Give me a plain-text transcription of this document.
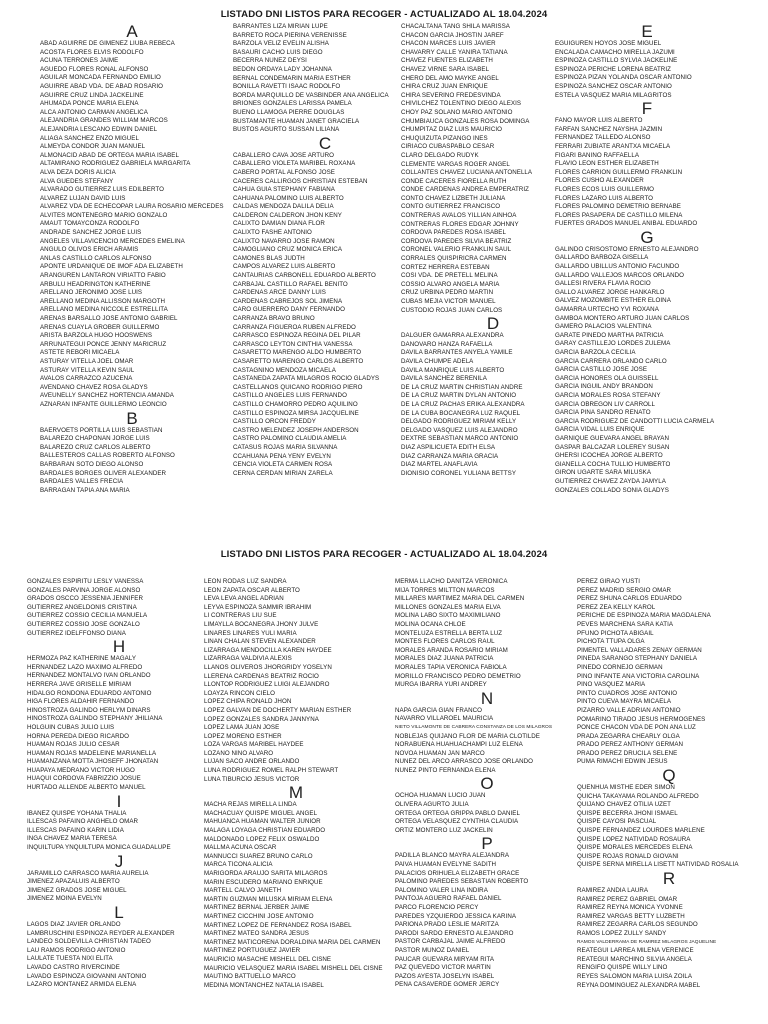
LISTADO DNI LISTOS PARA RECOGER - ACTUALIZADO AL 18.04.2024
A
ABAD AGUIRRE DE GIMENEZ LIUBA REBECA
ACOSTA FLORES ELVIS RODOLFO
ACUÑA TERRONES JAIME
AGUEDO FLORES RONAL ALFONSO
AGUILAR MONCADA FERNANDO EMILIO
AGUIRRE ABAD VDA. DE ABAD ROSARIO
AGUIRRE CRUZ LINDA JACKELINE
AHUMADA PONCE MARIA ELENA
ALCA ANTONIO CARMAN ANGELICA
ALEJANDRIA GRANDES WILLIAM MARCOS
ALEJANDRIA LESCANO EDWIN DANIEL
ALIAGA SANCHEZ ENZO MIGUEL
ALMEYDA CONDOR JUAN MANUEL
ALMONACID ABAD DE ORTEGA MARIA ISABEL
ALTAMIRANO RODRIGUEZ GABRIELA MARGARITA
ALVA DEZA DORIS ALICIA
ALVA GUEDES STEFANY
ALVARADO GUTIERREZ LUIS EDILBERTO
ALVAREZ LUJAN DAVID LUIS
ALVAREZ VDA DE ECHECOPAR LAURA ROSARIO MERCEDES
ALVITES MONTENEGRO MARIO GONZALO
AMAUT TOMAYCONZA RODOLFO
ANDRADE SANCHEZ JORGE LUIS
ANGELES VILLAVICENCIO MERCEDES EMELINA
ANGULO OLIVOS ERICH ARAMIS
ANLAS CASTILLO CARLOS ALFONSO
APONTE URDANIQUE DE IMOF ADA ELIZABETH
ARANGUREN LANTARON VIRIATTO FABIO
ARBULU HEADRINGTON KATHERINE
ARELLANO JERONIMO JOSE LUIS
ARELLANO MEDINA ALLISSON MARGOTH
ARELLANO MEDINA NICCOLE ESTRELLITA
ARENAS BARSALLO JOSE ANTONIO GABRIEL
ARENAS CUAYLA GROBER GUILLERMO
ARISTA BARZOLA HUGO HOOSWENS
ARRUNATEGUI PONCE JENNY MARICRUZ
ASTETE REBORI MICAELA
ASTURAY VITELLA JOEL OMAR
ASTURAY VITELLA KEVIN SAUL
AVALOS CARRAZCO AZUCENA
AVENDAÑO CHAVEZ ROSA GLADYS
AVEUNELLY SANCHEZ HORTENCIA AMANDA
AZNARAN INFANTE GUILLERMO LEONCIO
B
BAERVOETS PORTILLA LUIS SEBASTIAN
BALAREZO CHAPOÑAN JORGE LUIS
BALAREZO CRUZ CARLOS ALBERTO
BALLESTEROS CALLAS ROBERTO ALFONSO
BARBARAN SOTO DIEGO ALONSO
BARDALES BORGES OLIVER ALEXANDER
BARDALES VALLES FRECIA
BARRAGAN TAPIA ANA MARIA
BARRANTES LIZA MIRIAN LUPE
BARRETO ROCA PIERINA VERENISSE
BARZOLA VELIZ EVELIN ALISHA
BASAURI CACHO LUIS DIEGO
BECERRA NUÑEZ DEYSI
BEDON ORDAYA LADY JOHANNA
BERNAL CONDEMARIN MARIA ESTHER
BONILLA RAVETTI ISAAC RODOLFO
BORDA MARQUILLO DE VASBINDER ANA ANGELICA
BRIONES GONZALES LARISSA PAMELA
BUENO LLAMOGA PIERRE DOUGLAS
BUSTAMANTE HUAMAN JANET GRACIELA
BUSTOS AGURTO SUSSAN LILIANA
C
CABALLERO CAVA JOSE ARTURO
CABALLERO VIOLETA MARIBEL ROXANA
CABERO PORTAL ALFONSO JOSE
CACERES CALLIRGOS CHRISTIAN ESTEBAN
CAHUA GUIA STEPHANY FABIANA
CAHUANA PALOMINO LUIS ALBERTO
CALDAS MENDOZA DALILA DELIA
CALDERON CALDERON JHON KENY
CALIXTO DAMIAN DIANA FLOR
CALIXTO FASHE ANTONIO
CALIXTO NAVARRO JOSE RAMON
CAMOGLIANO CRUZ MONICA ERICA
CAMONES BLAS JUDTH
CAMPOS ALVAREZ LUIS ALBERTO
CANTAURIAS CARBONELL EDUARDO ALBERTO
CARBAJAL CASTILLO RAFAEL BENITO
CARDENAS ARCE DANNY LUIS
CARDENAS CABREJOS SOL JIMENA
CARO GUERRERO DANY FERNANDO
CARRANZA BRAVO BRUNO
CARRANZA FIGUEROA RUBEN ALFREDO
CARRASCO ESPINOZA REGINA DEL PILAR
CARRASCO LEYTON CINTHIA VANESSA
CASARETTO MARENGO ALDO HUMBERTO
CASARETTO MARENGO CARLOS ALBERTO
CASTAGNINO MENDOZA MICAELA
CASTAÑEDA ZAPATA MILAGROS ROCIO GLADYS
CASTELLANOS QUICAÑO RODRIGO PIERO
CASTILLO ANGELES LUIS FERNANDO
CASTILLO CHAMORRO PEDRO AQUILINO
CASTILLO ESPINOZA MIRSA JACQUELINE
CASTILLO ORCON FREDDY
CASTRO MELENDEZ JOSEPH ANDERSON
CASTRO PALOMINO CLAUDIA AMELIA
CATASUS ROJAS MARIA SILVANNA
CCAHUANA PEÑA YENY EVELYN
CENCIA VIOLETA CARMEN ROSA
CERNA CERDAN MIRIAN ZARELA
CHACALTANA TANG SHILA MARISSA
CHACON GARCIA JHOSTIN JAREF
CHACON MARCES LUIS JAVIER
CHAVARRY CALLE YANIRA TATIANA
CHAVEZ FUENTES ELIZABETH
CHAVEZ VIRNE SARA ISABEL
CHERO DEL AMO MAYKE ANGEL
CHIRA CRUZ JUAN ENRIQUE
CHIRA SEVERINO FREDESVINDA
CHIVILCHEZ TOLENTINO DIEGO ALEXIS
CHOY PAZ SOLANO MARIO ANTONIO
CHUMBIAUCA GONZALES ROSA DOMINGA
CHUMPITAZ DIAZ LUIS MAURICIO
CHUQUIZUTA PIZANGO INES
CIRIACO CUBASPABLO CESAR
CLARO DELGADO RUDYK
CLEMENTE VARGAS ROGER ANGEL
COLLANTES CHAVEZ LUCIANA ANTONELLA
CONDE CACERES FIORELLA RUTH
CONDE CARDENAS ANDREA EMPERATRIZ
CONTO CHAVEZ LIZBETH JULIANA
CONTO GUTIERREZ FRANCISCO
CONTRERAS AVALOS YILLIAN AINHOA
CONTRERAS FLORES EDGAR JOHNNY
CORDOVA PAREDES ROSA ISABEL
CORDOVA PAREDES SILVIA BEATRIZ
CORONEL VALERIO FRANKLIN SAUL
CORRALES QUISPIRICRA CARMEN
CORTEZ HERRERA ESTEBAN
COSI VDA. DE PRETELL MELINA
COSSIO ALVARO ANGELA MARIA
CRUZ URBINA PEDRO MARTIN
CUBAS MEJIA VICTOR MANUEL
CUSTODIO ROJAS JUAN CARLOS
D
DALGUER GAMARRA ALEXANDRA
DANOVARO HANZA RAFAELLA
DAVILA BARRANTES ANYELA YAMILE
DAVILA CHUMPE ADELA
DAVILA MANRIQUE LUIS ALBERTO
DAVILA SANCHEZ BERENILA
DE LA CRUZ MARTIN CHRISTIAN ANDRE
DE LA CRUZ MARTIN DYLAN ANTONIO
DE LA CRUZ PACHAS ERIKA ALEXANDRA
DE LA CUBA BOCANEGRA LUZ RAQUEL
DELGADO RODRIGUEZ MIRIAM KELLY
DELGADO VASQUEZ LUIS ALEJANDRO
DEXTRE SEBASTIAN MARCO ANTONIO
DIAZ ASPILICUETA EDITH ELSA
DIAZ CARRANZA MARIA GRACIA
DIAZ MARTEL ANAFLAVIA
DIONISIO CORONEL YULIANA BETTSY
E
EGUIGUREN HOYOS JOSE MIGUEL
ENCALADA CAMACHO MIRELLA JAZUMI
ESPINOZA CASTILLO SYLVIA JACKELINE
ESPINOZA PERICHE LORENA BEATRIZ
ESPINOZA PIZAN YOLANDA OSCAR ANTONIO
ESPINOZA SANCHEZ OSCAR ANTONIO
ESTELA VASQUEZ MARIA MILAGRITOS
F
FANO MAYOR LUIS ALBERTO
FARFAN SANCHEZ NAYSHA JAZMIN
FERNANDEZ TALLEDO ALONSO
FERRARI ZUBIATE ARANTXA MICAELA
FIGARI BANINO RAFFAELLA
FLAVIO LEON ESTHER ELIZABETH
FLORES CARRION GUILLERMO FRANKLIN
FLORES CUSHO ALEXANDER
FLORES ECOS LUIS GUILLERMO
FLORES LAZARO LUIS ALBERTO
FLORES PALOMINO DEMETRIO BERNABE
FLORES PASAPERA DE CASTILLO MILENA
FUERTES GRADOS MANUEL ANIBAL EDUARDO
G
GALINDO CRISOSTOMO ERNESTO ALEJANDRO
GALLARDO BARBOZA GISELLA
GALLARDO UBILLUS ANTONIO FACUNDO
GALLARDO VALLEJOS MARCOS ORLANDO
GALLESI RIVERA FLAVIA ROCIO
GALLO ALVAREZ JORGE HANKARLO
GALVEZ MOZOMBITE ESTHER ELOINA
GAMARRA URTECHO YVI ROXANA
GAMBOA MONTERO ARTURO JUAN CARLOS
GAMERO PALACIOS VALENTINA
GARATE PINEDO MARTHA PATRICIA
GARAY CASTILLEJO LORDES ZULEMA
GARCIA BARZOLA CECILIA
GARCIA CARRERA ORLANDO CARLO
GARCIA CASTILLO JOSE JOSE
GARCIA HONORES OLA GUISSELL
GARCIA INGUIL ANDY BRANDON
GARCIA MORALES ROSA STEFANY
GARCIA OBREGON LIV CARROLL
GARCIA PIÑA SANDRO RENATO
GARCIA RODRIGUEZ DE CANDOTTI LUCIA CARMELA
GARCIA VIDAL LUIS ENRIQUE
GARNIQUE GUEVARA ANGEL BRAYAN
GASPAR BALCAZAR LOLEREY SUSAN
GHERSI ICOCHEA JORGE ALBERTO
GIANELLA COCHA TULLIO HUMBERTO
GIRON UGARTE SARA MILUSKA
GUTIERREZ CHAVEZ ZAYDA JAMYLA
GONZALES COLLADO SONIA GLADYS
LISTADO DNI LISTOS PARA RECOGER - ACTUALIZADO AL 18.04.2024
GONZALES ESPIRITU LESLY VANESSA
GONZALES PARVINA JORGE ALONSO
GRADOS OSCCO JESSENIA JENNIFER
GUTIERREZ ANGELDONIS CRISTINA
GUTIERREZ COSSIO CECILIA MANUELA
GUTIERREZ COSSIO JOSE GONZALO
GUTIERREZ IDELFFONSO DIANA
H
HERMOZA PAZ KATHERINE MAGALY
HERNANDEZ LAZO MAXIMO ALFREDO
HERNANDEZ MONTALVO IVAN ORLANDO
HERRERA JAVE GRISELLE MIRIAM
HIDALGO RONDONA EDUARDO ANTONIO
HIGA FLORES ALDAHIR FERNANDO
HINOSTROZA GALINDO HERLYM DINARS
HINOSTROZA GALINDO STEPHANY JHILIANA
HOLGUIN CUBAS JULIO LUIS
HORNA PEREDA DIEGO RICARDO
HUAMAN ROJAS JULIO CESAR
HUAMAN ROJAS MADELEINE MARIANELLA
HUAMANZANA MOTTA JHOSEFF JHONATAN
HUAPAYA MEDRANO VICTOR HUGO
HUAQUI CORDOVA FABRIZZIO JOSUE
HURTADO ALLENDE ALBERTO MANUEL
I
IBAÑEZ QUISPE YOHANA THALIA
ILLESCAS PAFAINO ANGHELO OMAR
ILLESCAS PAFAINO KARIN LIDIA
INGA CHAVEZ MARIA TERESA
INQUILTUPA YNQUILTUPA MONICA GUADALUPE
J
JARAMILLO CARRASCO MARIA AURELIA
JIMENEZ APAZALUIS ALBERTO
JIMENEZ GRADOS JOSE MIGUEL
JIMENEZ MOINA EVELYN
L
LAGOS DIAZ JAVIER ORLANDO
LAMBRUSCHINI ESPINOZA REYDER ALEXANDER
LANDEO SOLDEVILLA CHRISTIAN TADEO
LAU RAMOS RODRIGO ANTONIO
LAULATE TUESTA NIXI ELITA
LAVADO CASTRO RIVERCINDE
LAVADO ESPINOZA GIOVANNI ANTONIO
LAZARO MONTAÑEZ ARMIDA ELENA
LEON RODAS LUZ SANDRA
LEON ZAPATA OSCAR ALBERTO
LEVA LEVA ANGEL ADRIAN
LEYVA ESPINOZA SAMMIR IBRAHIM
LI CONTRERAS LIU SUE
LIMAYLLA BOCANEGRA JHONY JULVE
LINARES LINARES YULI MARIA
LIÑAN CHALAN STEVEN ALEXANDER
LIZARRAGA MENDOCILLA KAREN HAYDEE
LIZARRAGA VALDIVIA ALEXIS
LLANOS OLIVEROS JHORGRIDY YOSELYN
LLERENA CARDENAS BEATRIZ ROCIO
LLONTOP RODRIGUEZ LUIGI ALEJANDRO
LOAYZA RINCON CIELO
LOPEZ CHIPA RONALD JHON
LOPEZ GALVAN DE DOCHERTY MARIAN ESTHER
LOPEZ GONZALES SANDRA JANNYNA
LOPEZ LAMA JUAN JOSE
LOPEZ MORENO ESTHER
LOZA VARGAS MARIBEL HAYDEE
LOZANO NIÑO ALVARO
LUJAN SACO ANDRE ORLANDO
LUNA RODRIGUEZ ROMEL RALPH STEWART
LUNA TIBURCIO JESUS VICTOR
M
MACHA REJAS MIRELLA LINDA
MACHACUAY QUISPE MIGUEL ANGEL
MAHUANCA HUAMAN WALTER JUNIOR
MALAGA LOYAGA CHRISTIAN EDUARDO
MALDONADO LOPEZ FELIX OSWALDO
MALLMA ACUÑA OSCAR
MANNUCCI SUAREZ BRUNO CARLO
MARCA TICONA ALICIA
MARIGORDA ARAUJO SARITA MILAGROS
MARIN ESCUDERO MARIANO ENRIQUE
MARTELL CALVO JANETH
MARTIN GUZMAN MILUSKA MIRIAM ELENA
MARTINEZ BERNAL JERBER JAIME
MARTINEZ CICCHINI JOSE ANTONIO
MARTINEZ LOPEZ DE FERNANDEZ ROSA ISABEL
MARTINEZ MATEO SANDRA JESUS
MARTINEZ MATICORENA DORALDINA MARIA DEL CARMEN
MARTINEZ PORTUGUEZ JAVIER
MAURICIO MASACHE MISHELL DEL CISNE
MAURICIO VELASQUEZ MARIA ISABEL MISHELL DEL CISNE
MAUTINO BATTUELLO MARCO
MEDINA MONTANCHEZ NATALIA ISABEL
MERMA LLACHO DANITZA VERONICA
MIJA TORRES MILTTON MARCOS
MILLARES MARTIMEZ MARIA DEL CARMEN
MILLONES GONZALES MARIA ELVA
MOLINA LABO SIXTO MAXIMILIANO
MOLINA OCAÑA CHLOE
MONTELUZA ESTRELLA BERTA LUZ
MONTES FLORES CARLOS RAUL
MORALES ARANDA ROSARIO MIRIAM
MORALES DIAZ JUANA PATRICIA
MORALES TAPIA VERONICA FABIOLA
MORILLO FRANCISCO PEDRO DEMETRIO
MURGA IBARRA YURI ANDREY
N
NAPA GARCIA GIAN FRANCO
NAVARRO VILLAROEL MAURICIA
NIETO VILLAMONTE DE CABRERA CONSTANZA DE LOS MILAGROS
NOBLEJAS QUIJANO FLOR DE MARIA CLOTILDE
NORABUENA HUAHUACHAMPI LUZ ELENA
NOVOA HUAMAN JAN MARCO
NUÑEZ DEL ARCO ARRASCO JOSE ORLANDO
NUÑEZ PINTO FERNANDA ELENA
O
OCHOA HUAMAN LUCIO JUAN
OLIVERA AGURTO JULIA
ORTEGA ORTEGA GRIPPA PABLO DANIEL
ORTEGA VELASQUEZ CYNTHIA CLAUDIA
ORTIZ MONTERO LUZ JACKELIN
P
PADILLA BLANCO MAYRA ALEJANDRA
PAIVA HUAMAN EVELYNE SADITH
PALACIOS ORIHUELA ELIZABETH GRACE
PALOMINO PAREDES SEBASTIAN ROBERTO
PALOMINO VALER LINA INDIRA
PANTOJA AGÜERO RAFAEL DANIEL
PARCO FLORENCIO PERCY
PAREDES YZQUIERDO JESSICA KARINA
PARIONA PRADO LESLIE MARITZA
PARODI SARDO ERNESTO ALEJANDRO
PASTOR CARBAJAL JAIME ALFREDO
PASTOR MUÑOZ DANIEL
PAUCAR GUEVARA MIRYAM RITA
PAZ QUEVEDO VICTOR MARTIN
PAZOS AYESTA JOSELYN ISABEL
PEÑA CASAVERDE GOMER JERCY
PEREZ GIRAO YUSTI
PEREZ MADRID SERGIO OMAR
PEREZ SHUÑA CARLOS EDUARDO
PEREZ ZEA KELLY KAROL
PERICHE DE ESPINOZA MARIA MAGDALENA
PEVES MARCHENA SARA KATIA
PFUÑO PICHOTA ABIGAIL
PICHOTA TTUPA OLGA
PIMENTEL VALLADARES ZENAY GERMAN
PINEDA SARANGO STEPHANY DANIELA
PINEDO CORNEJO GERMAN
PINO INFANTE ANA VICTORIA CAROLINA
PINO VASQUEZ MARIA
PINTO CUADROS JOSE ANTONIO
PINTO CUEVA MAYRA MICAELA
PIZARRO VALLE ADRIAN ANTONIO
POMARINO TIRADO JESUS HERMOGENES
PONCE CHACON VDA DE PON ANA LUZ
PRADA ZEGARRA CHEARLY OLGA
PRADO PEREZ ANTHONY GERMAN
PRADO PEREZ DRUCILA SELENE
PUMA RIMACHI EDWIN JESUS
Q
QUENHUA MISTHE EDER SIMON
QUICHA TAKAYAMA ROLANDO ALFREDO
QUIJANO CHAVEZ OTILIA UZET
QUISPE BECERRA JHONI ISMAEL
QUISPE CAYOSI PASCUAL
QUISPE FERNANDEZ LOURDES MARLENE
QUISPE LOPEZ NATIVIDAD ROSAURA
QUISPE MORALES MERCEDES ELENA
QUISPE ROJAS RONALD GIOVANI
QUISPE SERNA MIRELLA LISETT NATIVIDAD ROSALIA
R
RAMIREZ ANDIA LAURA
RAMIREZ PEREZ GABRIEL OMAR
RAMIREZ REYNA MONICA YVONNE
RAMIREZ VARGAS BETTY LUZBETH
RAMIREZ ZEGARRA CARLOS SEGUNDO
RAMOS LOPEZ ZULLY SANDY
RAMOS VALDERRAMA DE RAMIREZ MILAGROS JAQUELINE
REATEGUI LARREA MILENA VERENICE
REATEGUI MARCHINO SILVIA ANGELA
RENGIFO QUISPE WILLY LINO
REYES SALOMON MARIA LUISA ZOILA
REYNA DOMINGUEZ ALEXANDRA MABEL
